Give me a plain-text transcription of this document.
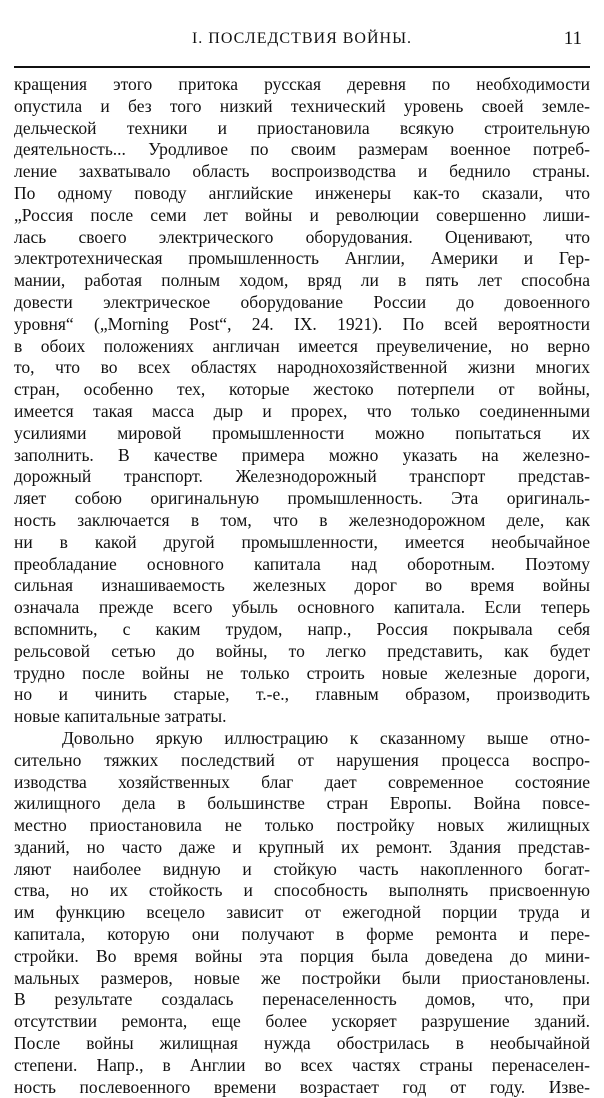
I. ПОСЛЕДСТВИЯ ВОЙНЫ.	11
кращения этого притока русская деревня по необходимости
опустила и без того низкий технический уровень своей земле-
дельческой техники и приостановила всякую строительную
деятельность... Уродливое по своим размерам военное потреб-
ление захватывало область воспроизводства и беднило страны.
По одному поводу английские инженеры как-то сказали, что
„Россия после семи лет войны и революции совершенно лиши-
лась своего электрического оборудования. Оценивают, что
электротехническая промышленность Англии, Америки и Гер-
мании, работая полным ходом, вряд ли в пять лет способна
довести электрическое оборудование России до довоенного
уровня“ („Morning Post“, 24. IX. 1921). По всей вероятности
в обоих положениях англичан имеется преувеличение, но верно
то, что во всех областях народнохозяйственной жизни многих
стран, особенно тех, которые жестоко потерпели от войны,
имеется такая масса дыр и прорех, что только соединенными
усилиями мировой промышленности можно попытаться их
заполнить. В качестве примера можно указать на железно-
дорожный транспорт. Железнодорожный транспорт представ-
ляет собою оригинальную промышленность. Эта оригиналь-
ность заключается в том, что в железнодорожном деле, как
ни в какой другой промышленности, имеется необычайное
преобладание основного капитала над оборотным. Поэтому
сильная изнашиваемость железных дорог во время войны
означала прежде всего убыль основного капитала. Если теперь
вспомнить, с каким трудом, напр., Россия покрывала себя
рельсовой сетью до войны, то легко представить, как будет
трудно после войны не только строить новые железные дороги,
но и чинить старые, т.-е., главным образом, производить
новые капитальные затраты.
Довольно яркую иллюстрацию к сказанному выше отно-
сительно тяжких последствий от нарушения процесса воспро-
изводства хозяйственных благ дает современное состояние
жилищного дела в большинстве стран Европы. Война повсе-
местно приостановила не только постройку новых жилищных
зданий, но часто даже и крупный их ремонт. Здания представ-
ляют наиболее видную и стойкую часть накопленного богат-
ства, но их стойкость и способность выполнять присвоенную
им функцию всецело зависит от ежегодной порции труда и
капитала, которую они получают в форме ремонта и пере-
стройки. Во время войны эта порция была доведена до мини-
мальных размеров, новые же постройки были приостановлены.
В результате создалась перенаселенность домов, что, при
отсутствии ремонта, еще более ускоряет разрушение зданий.
После войны жилищная нужда обострилась в необычайной
степени. Напр., в Англии во всех частях страны перенаселен-
ность послевоенного времени возрастает год от году. Изве-
